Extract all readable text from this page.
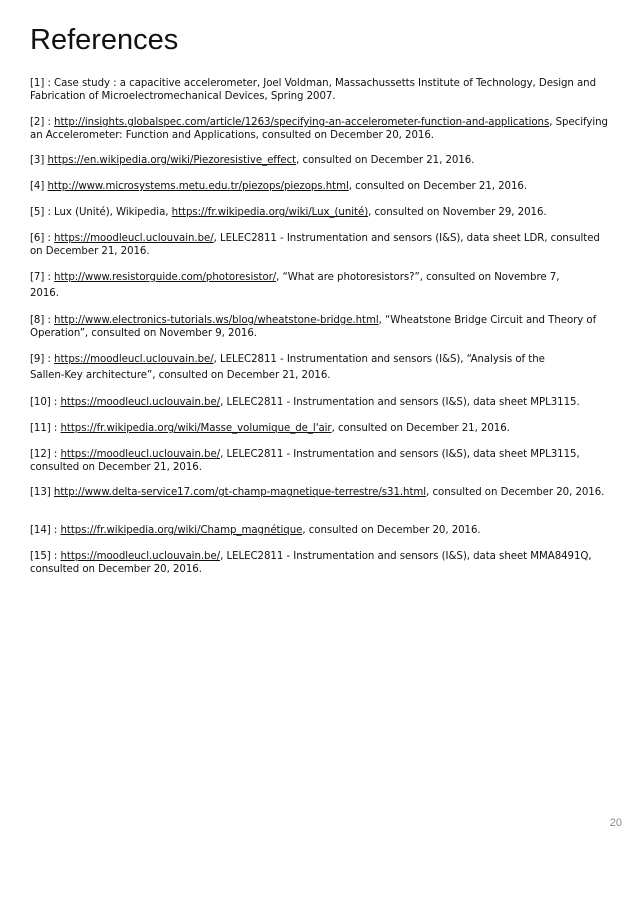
References

[1] : Case study : a capacitive accelerometer, Joel Voldman, Massachussetts Institute of Technology, Design and Fabrication of Microelectromechanical Devices, Spring 2007.

[2] : http://insights.globalspec.com/article/1263/specifying-an-accelerometer-function-and-applications, Specifying an Accelerometer: Function and Applications, consulted on December 20, 2016.

[3] https://en.wikipedia.org/wiki/Piezoresistive_effect, consulted on December 21, 2016.

[4] http://www.microsystems.metu.edu.tr/piezops/piezops.html, consulted on December 21, 2016.

[5] : Lux (Unité), Wikipedia, https://fr.wikipedia.org/wiki/Lux_(unité), consulted on November 29, 2016.

[6] : https://moodleucl.uclouvain.be/, LELEC2811 - Instrumentation and sensors (I&S), data sheet LDR, consulted on December 21, 2016.

[7] : http://www.resistorguide.com/photoresistor/, “What are photoresistors?”, consulted on Novembre 7, 2016.

[8] : http://www.electronics-tutorials.ws/blog/wheatstone-bridge.html, “Wheatstone Bridge Circuit and Theory of Operation”, consulted on November 9, 2016.

[9] : https://moodleucl.uclouvain.be/, LELEC2811 - Instrumentation and sensors (I&S), “Analysis of the Sallen-Key architecture”, consulted on December 21, 2016.

[10] : https://moodleucl.uclouvain.be/, LELEC2811 - Instrumentation and sensors (I&S), data sheet MPL3115.

[11] : https://fr.wikipedia.org/wiki/Masse_volumique_de_l'air, consulted on December 21, 2016.

[12] : https://moodleucl.uclouvain.be/, LELEC2811 - Instrumentation and sensors (I&S), data sheet MPL3115, consulted on December 21, 2016.

[13] http://www.delta-service17.com/gt-champ-magnetique-terrestre/s31.html, consulted on December 20, 2016.

[14] : https://fr.wikipedia.org/wiki/Champ_magnétique, consulted on December 20, 2016.

[15] : https://moodleucl.uclouvain.be/, LELEC2811 - Instrumentation and sensors (I&S), data sheet MMA8491Q, consulted on December 20, 2016.

20
